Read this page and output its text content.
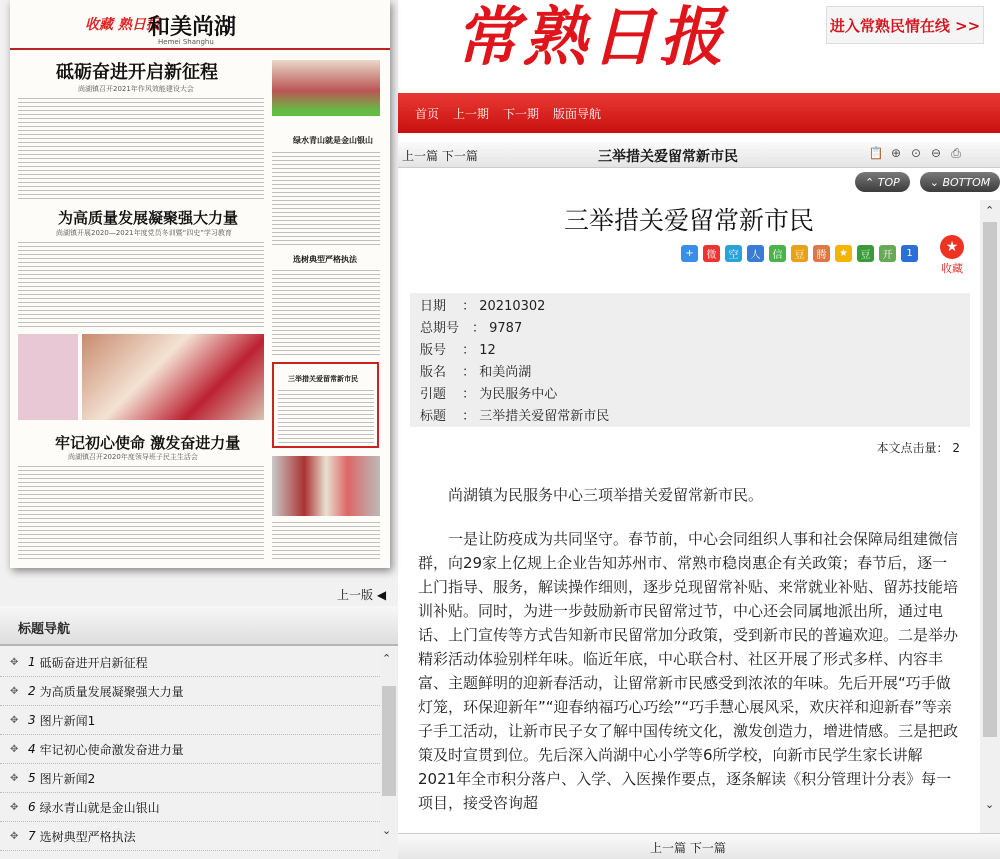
常熟日报	进入常熟民情在线 >>
首页 上一期 下一期 版面导航
收藏 熟日报
和美尚湖
Hemei Shanghu
砥砺奋进开启新征程
尚湖镇召开2021年作风效能建设大会
为高质量发展凝聚强大力量
尚湖镇开展2020—2021年度党员冬训暨“四史”学习教育
牢记初心使命 激发奋进力量
尚湖镇召开2020年度领导班子民主生活会
绿水青山就是金山银山
选树典型严格执法
三举措关爱留常新市民
上一版 ◀
标题导航
✥ 1 砥砺奋进开启新征程
✥ 2 为高质量发展凝聚强大力量
✥ 3 图片新闻1
✥ 4 牢记初心使命激发奋进力量
✥ 5 图片新闻2
✥ 6 绿水青山就是金山银山
✥ 7 选树典型严格执法
⌃
⌄
上一篇 下一篇	三举措关爱留常新市民	📋 ⊕ ⊙ ⊖ ⎙
⌃
TOP	⌄
BOTTOM
三举措关爱留常新市民
+	微	空	人	信	豆	腾	★	豆	开	1	★
收藏
日期 ： 20210302
总期号 ： 9787
版号 ： 12
版名 ： 和美尚湖
引题 ： 为民服务中心
标题 ： 三举措关爱留常新市民
本文点击量： 2

尚湖镇为民服务中心三项举措关爱留常新市民。

一是让防疫成为共同坚守。春节前，中心会同组织人事和社会保障局组建微信群，向29家上亿规上企业告知苏州市、常熟市稳岗惠企有关政策；春节后，逐一上门指导、服务，解读操作细则，逐步兑现留常补贴、来常就业补贴、留苏技能培训补贴。同时，为进一步鼓励新市民留常过节，中心还会同属地派出所，通过电话、上门宣传等方式告知新市民留常加分政策，受到新市民的普遍欢迎。二是举办精彩活动体验别样年味。临近年底，中心联合村、社区开展了形式多样、内容丰富、主题鲜明的迎新春活动，让留常新市民感受到浓浓的年味。先后开展“巧手做灯笼，环保迎新年”“迎春纳福巧心巧绘”“巧手慧心展风采，欢庆祥和迎新春”等亲子手工活动，让新市民子女了解中国传统文化，激发创造力，增进情感。三是把政策及时宣贯到位。先后深入尚湖中心小学等6所学校，向新市民学生家长讲解2021年全市积分落户、入学、入医操作要点，逐条解读《积分管理计分表》每一项目，接受咨询超

⌃
⌄
上一篇 下一篇
